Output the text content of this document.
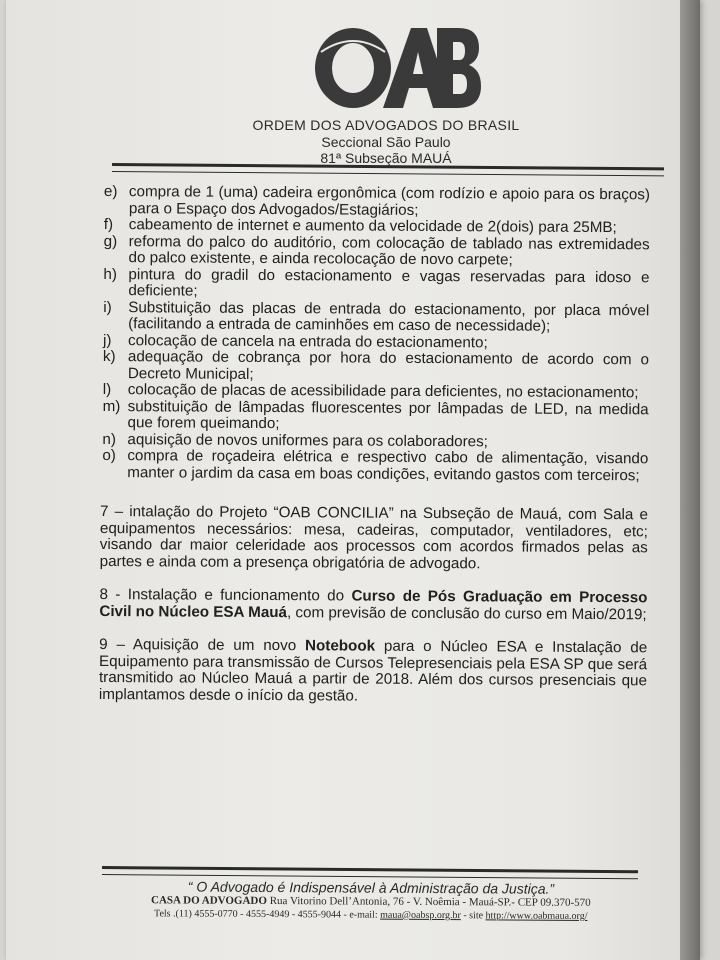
ORDEM DOS ADVOGADOS DO BRASIL
Seccional São Paulo
81ª Subseção MAUÁ
e) compra de 1 (uma) cadeira ergonômica (com rodízio e apoio para os braços) para o Espaço dos Advogados/Estagiários;
f)	cabeamento de internet e aumento da velocidade de 2(dois) para 25MB;
g) reforma do palco do auditório, com colocação de tablado nas extremidades do palco existente, e ainda recolocação de novo carpete;
h) pintura do gradil do estacionamento e vagas reservadas para idoso e deficiente;
i)	Substituição das placas de entrada do estacionamento, por placa móvel (facilitando a entrada de caminhões em caso de necessidade);
j)	colocação de cancela na entrada do estacionamento;
k) adequação de cobrança por hora do estacionamento de acordo com o Decreto Municipal;
l)	colocação de placas de acessibilidade para deficientes, no estacionamento;
m) substituição de lâmpadas fluorescentes por lâmpadas de LED, na medida que forem queimando;
n) aquisição de novos uniformes para os colaboradores;
o) compra de roçadeira elétrica e respectivo cabo de alimentação, visando manter o jardim da casa em boas condições, evitando gastos com terceiros;

7 – intalação do Projeto “OAB CONCILIA” na Subseção de Mauá, com Sala e equipamentos necessários: mesa, cadeiras, computador, ventiladores, etc; visando dar maior celeridade aos processos com acordos firmados pelas as partes e ainda com a presença obrigatória de advogado.

8 - Instalação e funcionamento do Curso de Pós Graduação em Processo Civil no Núcleo ESA Mauá, com previsão de conclusão do curso em Maio/2019;

9 – Aquisição de um novo Notebook para o Núcleo ESA e Instalação de Equipamento para transmissão de Cursos Telepresenciais pela ESA SP que será transmitido ao Núcleo Mauá a partir de 2018. Além dos cursos presenciais que implantamos desde o início da gestão.

“ O Advogado é Indispensável à Administração da Justiça.”
CASA DO ADVOGADO Rua Vitorino Dell’Antonia, 76 - V. Noêmia - Mauá-SP.- CEP 09.370-570
Tels .(11) 4555-0770 - 4555-4949 - 4555-9044 - e-mail: maua@oabsp.org.br - site http://www.oabmaua.org/
